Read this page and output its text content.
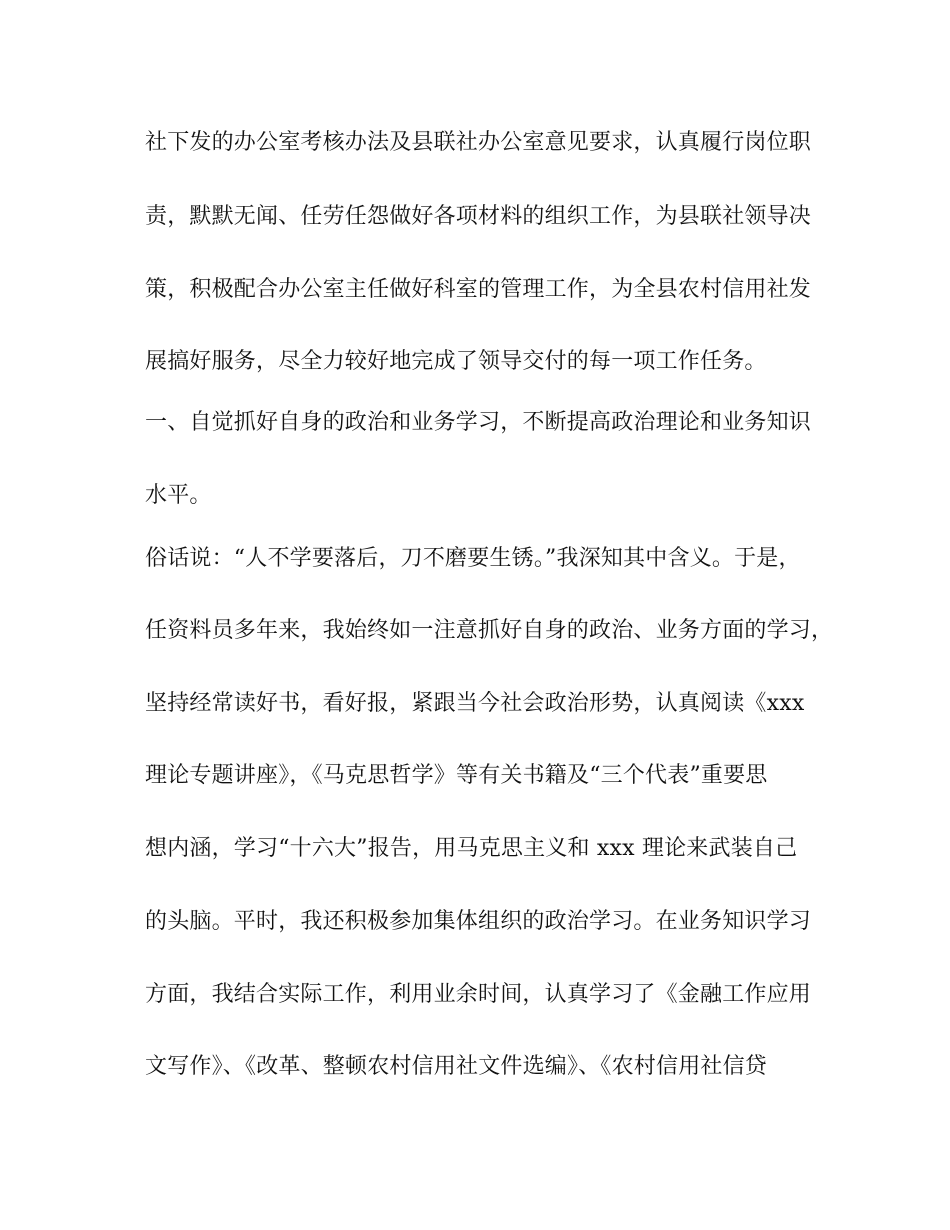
社下发的办公室考核办法及县联社办公室意见要求，认真履行岗位职

责，默默无闻、任劳任怨做好各项材料的组织工作，为县联社领导决

策，积极配合办公室主任做好科室的管理工作，为全县农村信用社发

展搞好服务，尽全力较好地完成了领导交付的每一项工作任务。

一、自觉抓好自身的政治和业务学习，不断提高政治理论和业务知识

水平。

俗话说：“人不学要落后，刀不磨要生锈。”我深知其中含义。于是，

任资料员多年来，我始终如一注意抓好自身的政治、业务方面的学习，

坚持经常读好书，看好报，紧跟当今社会政治形势，认真阅读《xxx

理论专题讲座》，《马克思哲学》等有关书籍及“三个代表”重要思

想内涵，学习“十六大”报告，用马克思主义和 xxx 理论来武装自己

的头脑。平时，我还积极参加集体组织的政治学习。在业务知识学习

方面，我结合实际工作，利用业余时间，认真学习了《金融工作应用

文写作》、《改革、整顿农村信用社文件选编》、《农村信用社信贷
